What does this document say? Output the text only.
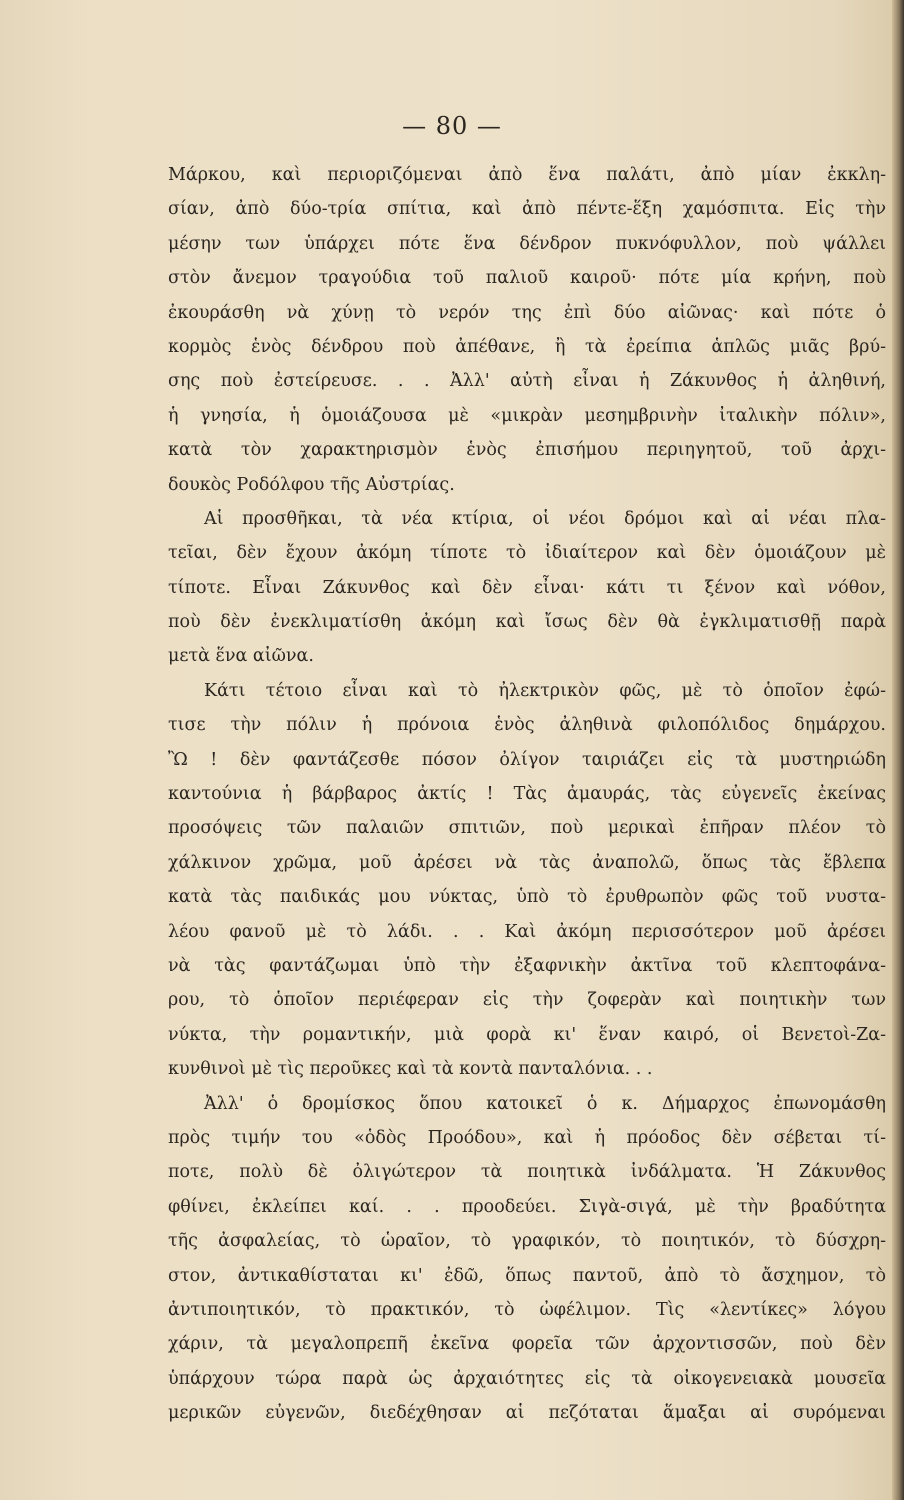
— 80 —
Μάρκου, καὶ περιοριζόμεναι ἀπὸ ἕνα παλάτι, ἀπὸ μίαν ἐκκλη-
σίαν, ἀπὸ δύο-τρία σπίτια, καὶ ἀπὸ πέντε-ἕξη χαμόσπιτα. Εἰς τὴν
μέσην των ὑπάρχει πότε ἕνα δένδρον πυκνόφυλλον, ποὺ ψάλλει
στὸν ἄνεμον τραγούδια τοῦ παλιοῦ καιροῦ· πότε μία κρήνη, ποὺ
ἐκουράσθη νὰ χύνῃ τὸ νερόν της ἐπὶ δύο αἰῶνας· καὶ πότε ὁ
κορμὸς ἑνὸς δένδρου ποὺ ἀπέθανε, ἢ τὰ ἐρείπια ἁπλῶς μιᾶς βρύ-
σης ποὺ ἐστείρευσε. . . Ἀλλ' αὐτὴ εἶναι ἡ Ζάκυνθος ἡ ἀληθινή,
ἡ γνησία, ἡ ὁμοιάζουσα μὲ «μικρὰν μεσημβρινὴν ἰταλικὴν πόλιν»,
κατὰ τὸν χαρακτηρισμὸν ἑνὸς ἐπισήμου περιηγητοῦ, τοῦ ἀρχι-
δουκὸς Ροδόλφου τῆς Αὐστρίας.
Αἱ προσθῆκαι, τὰ νέα κτίρια, οἱ νέοι δρόμοι καὶ αἱ νέαι πλα-
τεῖαι, δὲν ἔχουν ἀκόμη τίποτε τὸ ἰδιαίτερον καὶ δὲν ὁμοιάζουν μὲ
τίποτε. Εἶναι Ζάκυνθος καὶ δὲν εἶναι· κάτι τι ξένον καὶ νόθον,
ποὺ δὲν ἐνεκλιματίσθη ἀκόμη καὶ ἴσως δὲν θὰ ἐγκλιματισθῇ παρὰ
μετὰ ἕνα αἰῶνα.
Κάτι τέτοιο εἶναι καὶ τὸ ἠλεκτρικὸν φῶς, μὲ τὸ ὁποῖον ἐφώ-
τισε τὴν πόλιν ἡ πρόνοια ἑνὸς ἀληθινὰ φιλοπόλιδος δημάρχου.
Ὢ ! δὲν φαντάζεσθε πόσον ὀλίγον ταιριάζει εἰς τὰ μυστηριώδη
καντούνια ἡ βάρβαρος ἀκτίς ! Τὰς ἀμαυράς, τὰς εὐγενεῖς ἐκείνας
προσόψεις τῶν παλαιῶν σπιτιῶν, ποὺ μερικαὶ ἐπῆραν πλέον τὸ
χάλκινον χρῶμα, μοῦ ἀρέσει νὰ τὰς ἀναπολῶ, ὅπως τὰς ἔβλεπα
κατὰ τὰς παιδικάς μου νύκτας, ὑπὸ τὸ ἐρυθρωπὸν φῶς τοῦ νυστα-
λέου φανοῦ μὲ τὸ λάδι. . . Καὶ ἀκόμη περισσότερον μοῦ ἀρέσει
νὰ τὰς φαντάζωμαι ὑπὸ τὴν ἐξαφνικὴν ἀκτῖνα τοῦ κλεπτοφάνα-
ρου, τὸ ὁποῖον περιέφεραν εἰς τὴν ζοφερὰν καὶ ποιητικὴν των
νύκτα, τὴν ρομαντικήν, μιὰ φορὰ κι' ἕναν καιρό, οἱ Βενετοὶ-Ζα-
κυνθινοὶ μὲ τὶς περοῦκες καὶ τὰ κοντὰ πανταλόνια. . .
Ἀλλ' ὁ δρομίσκος ὅπου κατοικεῖ ὁ κ. Δήμαρχος ἐπωνομάσθη
πρὸς τιμήν του «ὁδὸς Προόδου», καὶ ἡ πρόοδος δὲν σέβεται τί-
ποτε, πολὺ δὲ ὀλιγώτερον τὰ ποιητικὰ ἰνδάλματα. Ἡ Ζάκυνθος
φθίνει, ἐκλείπει καί. . . προοδεύει. Σιγὰ-σιγά, μὲ τὴν βραδύτητα
τῆς ἀσφαλείας, τὸ ὡραῖον, τὸ γραφικόν, τὸ ποιητικόν, τὸ δύσχρη-
στον, ἀντικαθίσταται κι' ἐδῶ, ὅπως παντοῦ, ἀπὸ τὸ ἄσχημον, τὸ
ἀντιποιητικόν, τὸ πρακτικόν, τὸ ὠφέλιμον. Τὶς «λεντίκες» λόγου
χάριν, τὰ μεγαλοπρεπῆ ἐκεῖνα φορεῖα τῶν ἀρχοντισσῶν, ποὺ δὲν
ὑπάρχουν τώρα παρὰ ὡς ἀρχαιότητες εἰς τὰ οἰκογενειακὰ μουσεῖα
μερικῶν εὐγενῶν, διεδέχθησαν αἱ πεζόταται ἅμαξαι αἱ συρόμεναι
